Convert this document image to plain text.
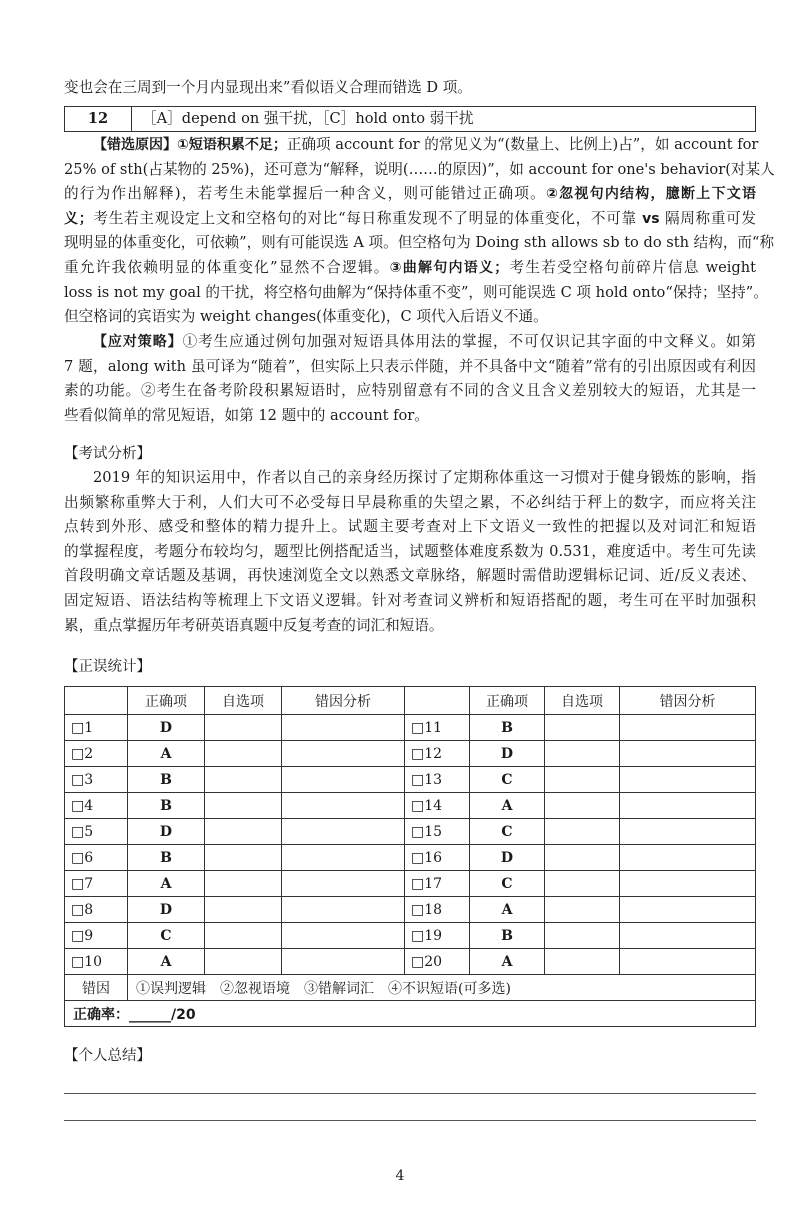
变也会在三周到一个月内显现出来”看似语义合理而错选 D 项。
12	［A］depend on 强干扰，［C］hold onto 弱干扰
【错选原因】①短语积累不足；正确项 account for 的常见义为“(数量上、比例上)占”，如 account for
25% of sth(占某物的 25%)，还可意为“解释，说明(……的原因)”，如 account for one's behavior(对某人
的行为作出解释)，若考生未能掌握后一种含义，则可能错过正确项。②忽视句内结构，臆断上下文语
义；考生若主观设定上文和空格句的对比“每日称重发现不了明显的体重变化，不可靠 vs 隔周称重可发
现明显的体重变化，可依赖”，则有可能误选 A 项。但空格句为 Doing sth allows sb to do sth 结构，而“称
重允许我依赖明显的体重变化”显然不合逻辑。③曲解句内语义；考生若受空格句前碎片信息 weight
loss is not my goal 的干扰，将空格句曲解为“保持体重不变”，则可能误选 C 项 hold onto“保持；坚持”。
但空格词的宾语实为 weight changes(体重变化)，C 项代入后语义不通。
【应对策略】①考生应通过例句加强对短语具体用法的掌握，不可仅识记其字面的中文释义。如第
7 题，along with 虽可译为“随着”，但实际上只表示伴随，并不具备中文“随着”常有的引出原因或有利因
素的功能。②考生在备考阶段积累短语时，应特别留意有不同的含义且含义差别较大的短语，尤其是一
些看似简单的常见短语，如第 12 题中的 account for。
【考试分析】
2019 年的知识运用中，作者以自己的亲身经历探讨了定期称体重这一习惯对于健身锻炼的影响，指
出频繁称重弊大于利，人们大可不必受每日早晨称重的失望之累，不必纠结于秤上的数字，而应将关注
点转到外形、感受和整体的精力提升上。试题主要考查对上下文语义一致性的把握以及对词汇和短语
的掌握程度，考题分布较均匀，题型比例搭配适当，试题整体难度系数为 0.531，难度适中。考生可先读
首段明确文章话题及基调，再快速浏览全文以熟悉文章脉络，解题时需借助逻辑标记词、近/反义表述、
固定短语、语法结构等梳理上下文语义逻辑。针对考查词义辨析和短语搭配的题，考生可在平时加强积
累，重点掌握历年考研英语真题中反复考查的词汇和短语。
【正误统计】
	正确项	自选项	错因分析		正确项	自选项	错因分析
□1	D			□11	B		
□2	A			□12	D		
□3	B			□13	C		
□4	B			□14	A		
□5	D			□15	C		
□6	B			□16	D		
□7	A			□17	C		
□8	D			□18	A		
□9	C			□19	B		
□10	A			□20	A		
错因	①误判逻辑　②忽视语境　③错解词汇　④不识短语(可多选)						
正确率：______/20							
【个人总结】
4
